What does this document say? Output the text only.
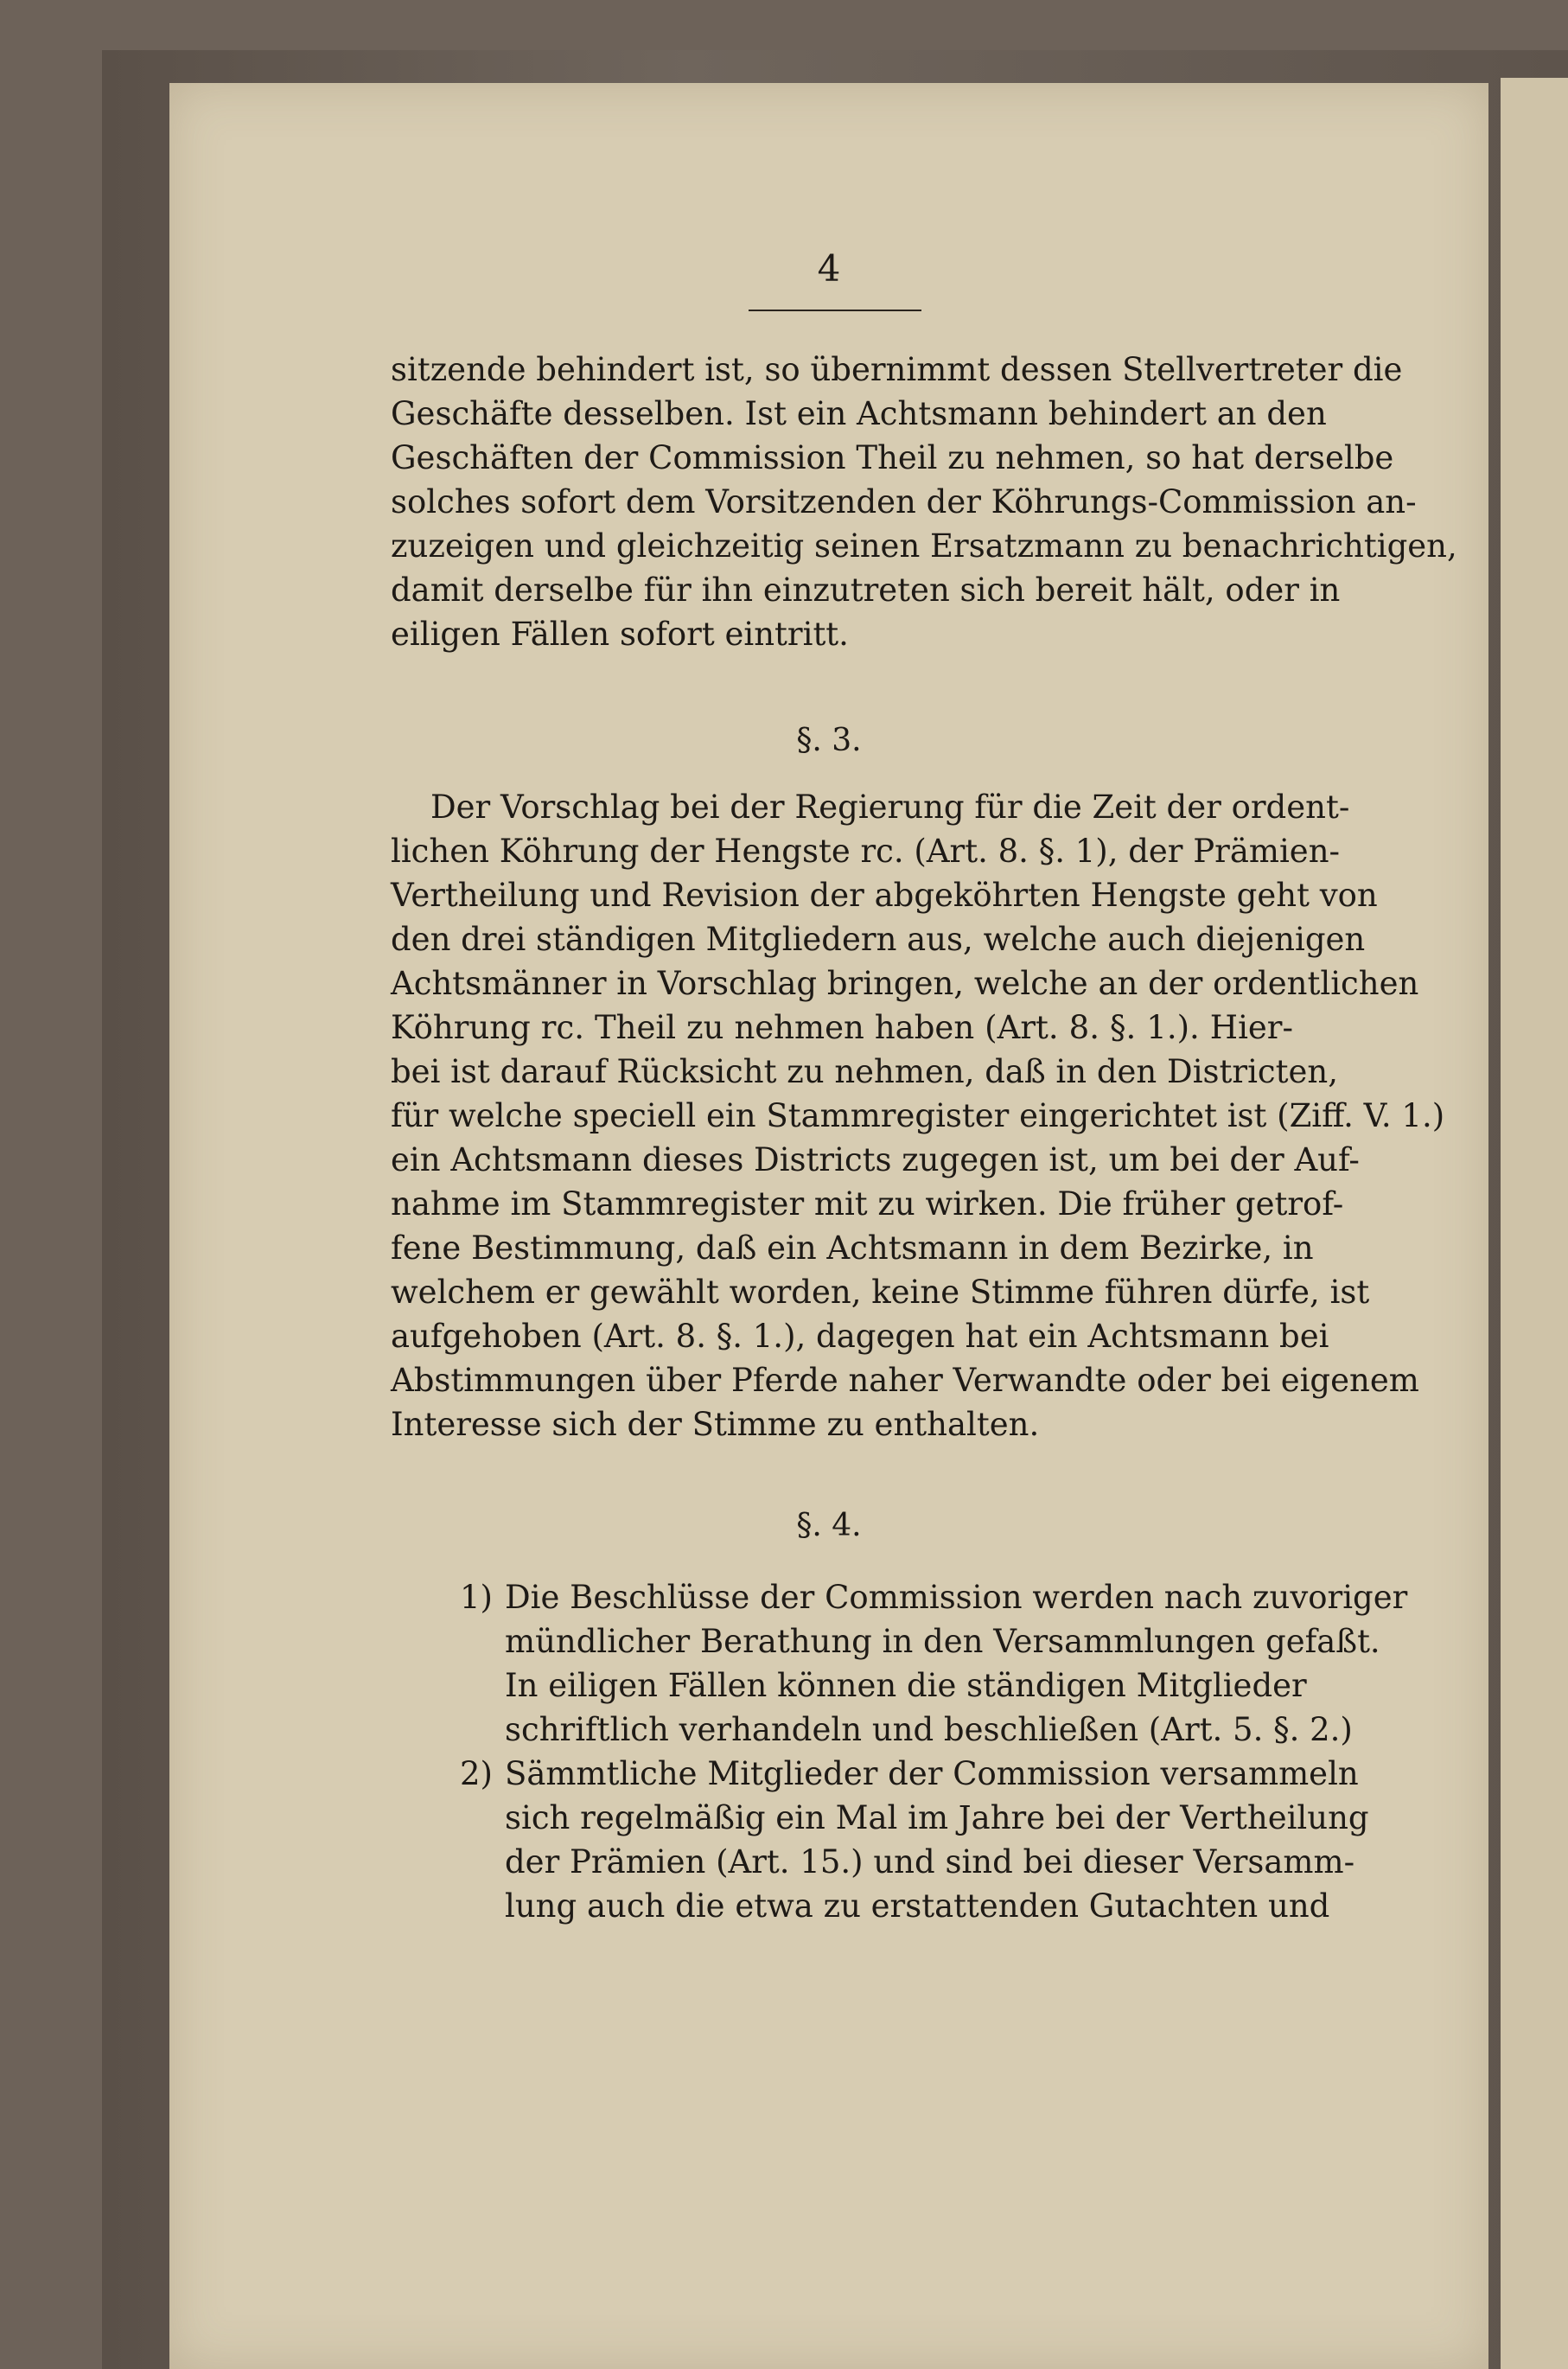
4
sitzende behindert ist, so übernimmt dessen Stellvertreter die
Geschäfte desselben. Ist ein Achtsmann behindert an den
Geschäften der Commission Theil zu nehmen, so hat derselbe
solches sofort dem Vorsitzenden der Köhrungs-Commission an-
zuzeigen und gleichzeitig seinen Ersatzmann zu benachrichtigen,
damit derselbe für ihn einzutreten sich bereit hält, oder in
eiligen Fällen sofort eintritt.
§. 3.
Der Vorschlag bei der Regierung für die Zeit der ordent-
lichen Köhrung der Hengste rc. (Art. 8. §. 1), der Prämien-
Vertheilung und Revision der abgeköhrten Hengste geht von
den drei ständigen Mitgliedern aus, welche auch diejenigen
Achtsmänner in Vorschlag bringen, welche an der ordentlichen
Köhrung rc. Theil zu nehmen haben (Art. 8. §. 1.). Hier-
bei ist darauf Rücksicht zu nehmen, daß in den Districten,
für welche speciell ein Stammregister eingerichtet ist (Ziff. V. 1.)
ein Achtsmann dieses Districts zugegen ist, um bei der Auf-
nahme im Stammregister mit zu wirken. Die früher getrof-
fene Bestimmung, daß ein Achtsmann in dem Bezirke, in
welchem er gewählt worden, keine Stimme führen dürfe, ist
aufgehoben (Art. 8. §. 1.), dagegen hat ein Achtsmann bei
Abstimmungen über Pferde naher Verwandte oder bei eigenem
Interesse sich der Stimme zu enthalten.
§. 4.
1) Die Beschlüsse der Commission werden nach zuvoriger
mündlicher Berathung in den Versammlungen gefaßt.
In eiligen Fällen können die ständigen Mitglieder
schriftlich verhandeln und beschließen (Art. 5. §. 2.)
2) Sämmtliche Mitglieder der Commission versammeln
sich regelmäßig ein Mal im Jahre bei der Vertheilung
der Prämien (Art. 15.) und sind bei dieser Versamm-
lung auch die etwa zu erstattenden Gutachten und
